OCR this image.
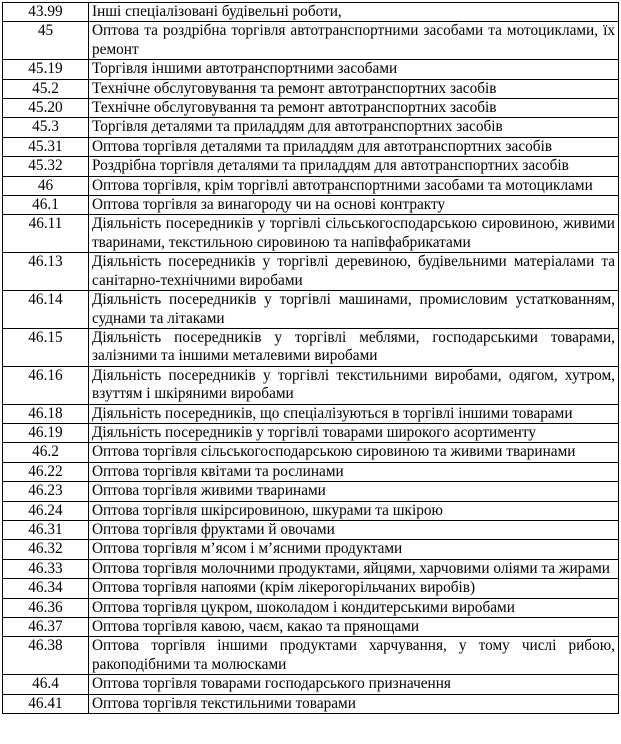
43.99	Інші спеціалізовані будівельні роботи,
45	Оптова та роздрібна торгівля автотранспортними засобами та мотоциклами, їх ремонт
45.19	Торгівля іншими автотранспортними засобами
45.2	Технічне обслуговування та ремонт автотранспортних засобів
45.20	Технічне обслуговування та ремонт автотранспортних засобів
45.3	Торгівля деталями та приладдям для автотранспортних засобів
45.31	Оптова торгівля деталями та приладдям для автотранспортних засобів
45.32	Роздрібна торгівля деталями та приладдям для автотранспортних засобів
46	Оптова торгівля, крім торгівлі автотранспортними засобами та мотоциклами
46.1	Оптова торгівля за винагороду чи на основі контракту
46.11	Діяльність посередників у торгівлі сільськогосподарською сировиною, живими тваринами, текстильною сировиною та напівфабрикатами
46.13	Діяльність посередників у торгівлі деревиною, будівельними матеріалами та санітарно-технічними виробами
46.14	Діяльність посередників у торгівлі машинами, промисловим устаткованням, суднами та літаками
46.15	Діяльність посередників у торгівлі меблями, господарськими товарами, залізними та іншими металевими виробами
46.16	Діяльність посередників у торгівлі текстильними виробами, одягом, хутром, взуттям і шкіряними виробами
46.18	Діяльність посередників, що спеціалізуються в торгівлі іншими товарами
46.19	Діяльність посередників у торгівлі товарами широкого асортименту
46.2	Оптова торгівля сільськогосподарською сировиною та живими тваринами
46.22	Оптова торгівля квітами та рослинами
46.23	Оптова торгівля живими тваринами
46.24	Оптова торгівля шкірсировиною, шкурами та шкірою
46.31	Оптова торгівля фруктами й овочами
46.32	Оптова торгівля м’ясом і м’ясними продуктами
46.33	Оптова торгівля молочними продуктами, яйцями, харчовими оліями та жирами
46.34	Оптова торгівля напоями (крім лікерогорільчаних виробів)
46.36	Оптова торгівля цукром, шоколадом і кондитерськими виробами
46.37	Оптова торгівля кавою, чаєм, какао та прянощами
46.38	Оптова торгівля іншими продуктами харчування, у тому числі рибою, ракоподібними та молюсками
46.4	Оптова торгівля товарами господарського призначення
46.41	Оптова торгівля текстильними товарами
